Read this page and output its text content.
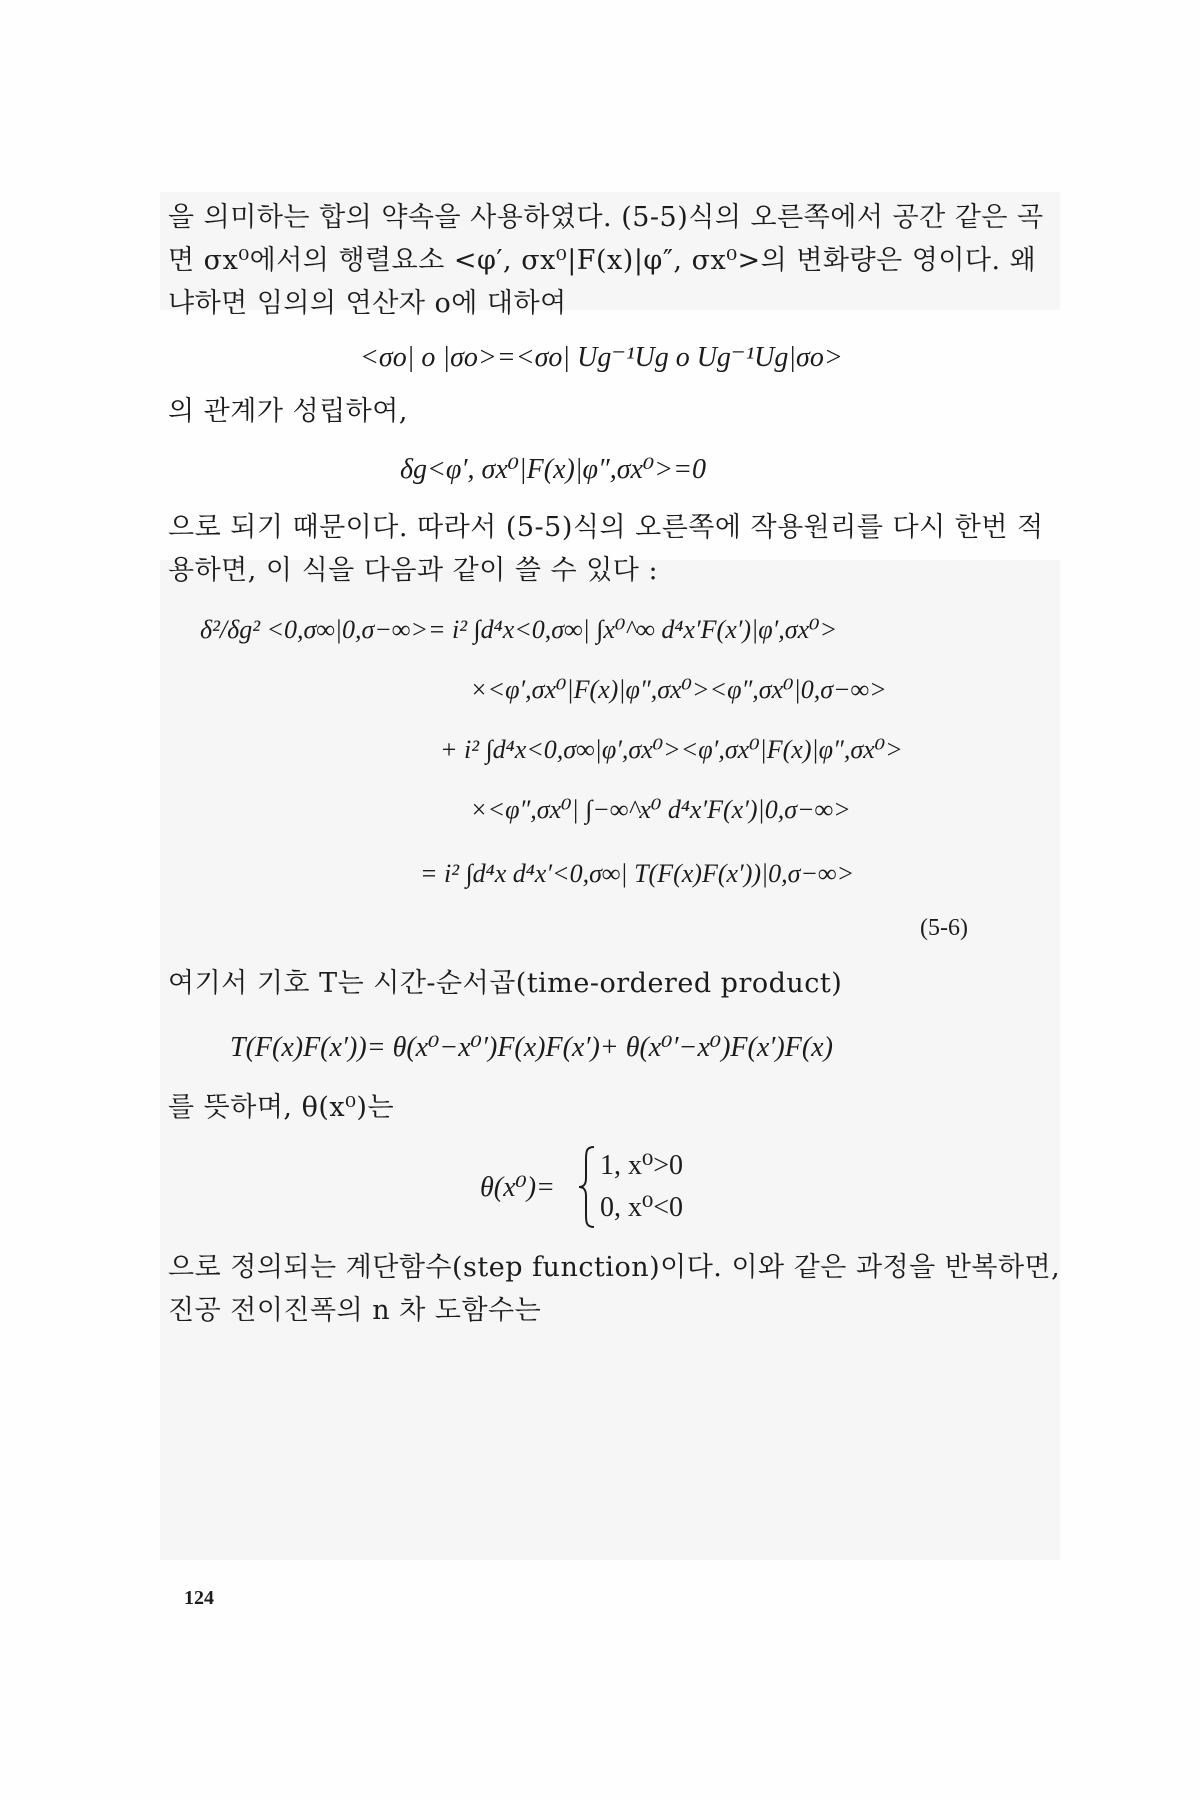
을 의미하는 합의 약속을 사용하였다. (5-5)식의 오른쪽에서 공간 같은 곡
면 σx⁰에서의 행렬요소 <φ′, σx⁰|F(x)|φ″, σx⁰>의 변화량은 영이다. 왜
냐하면 임의의 연산자 o에 대하여
<σo| o |σo>=<σo| Ug⁻¹Ug o Ug⁻¹Ug|σo>
의 관계가 성립하여,
δg<φ′, σx⁰|F(x)|φ″,σx⁰>=0
으로 되기 때문이다. 따라서 (5-5)식의 오른쪽에 작용원리를 다시 한번 적
용하면, 이 식을 다음과 같이 쓸 수 있다 :
δ²/δg² <0,σ∞|0,σ−∞>= i² ∫d⁴x<0,σ∞| ∫x⁰^∞ d⁴x′F(x′)|φ′,σx⁰>
×<φ′,σx⁰|F(x)|φ″,σx⁰><φ″,σx⁰|0,σ−∞>
+ i² ∫d⁴x<0,σ∞|φ′,σx⁰><φ′,σx⁰|F(x)|φ″,σx⁰>
×<φ″,σx⁰| ∫−∞^x⁰ d⁴x′F(x′)|0,σ−∞>
= i² ∫d⁴x d⁴x′<0,σ∞| T(F(x)F(x′))|0,σ−∞>
(5-6)
여기서 기호 T는 시간-순서곱(time-ordered product)
T(F(x)F(x′))= θ(x⁰−x⁰′)F(x)F(x′)+ θ(x⁰′−x⁰)F(x′)F(x)
를 뜻하며, θ(x⁰)는
θ(x⁰)=
1, x⁰>0
0, x⁰<0
으로 정의되는 계단함수(step function)이다. 이와 같은 과정을 반복하면,
진공 전이진폭의 n 차 도함수는
124
